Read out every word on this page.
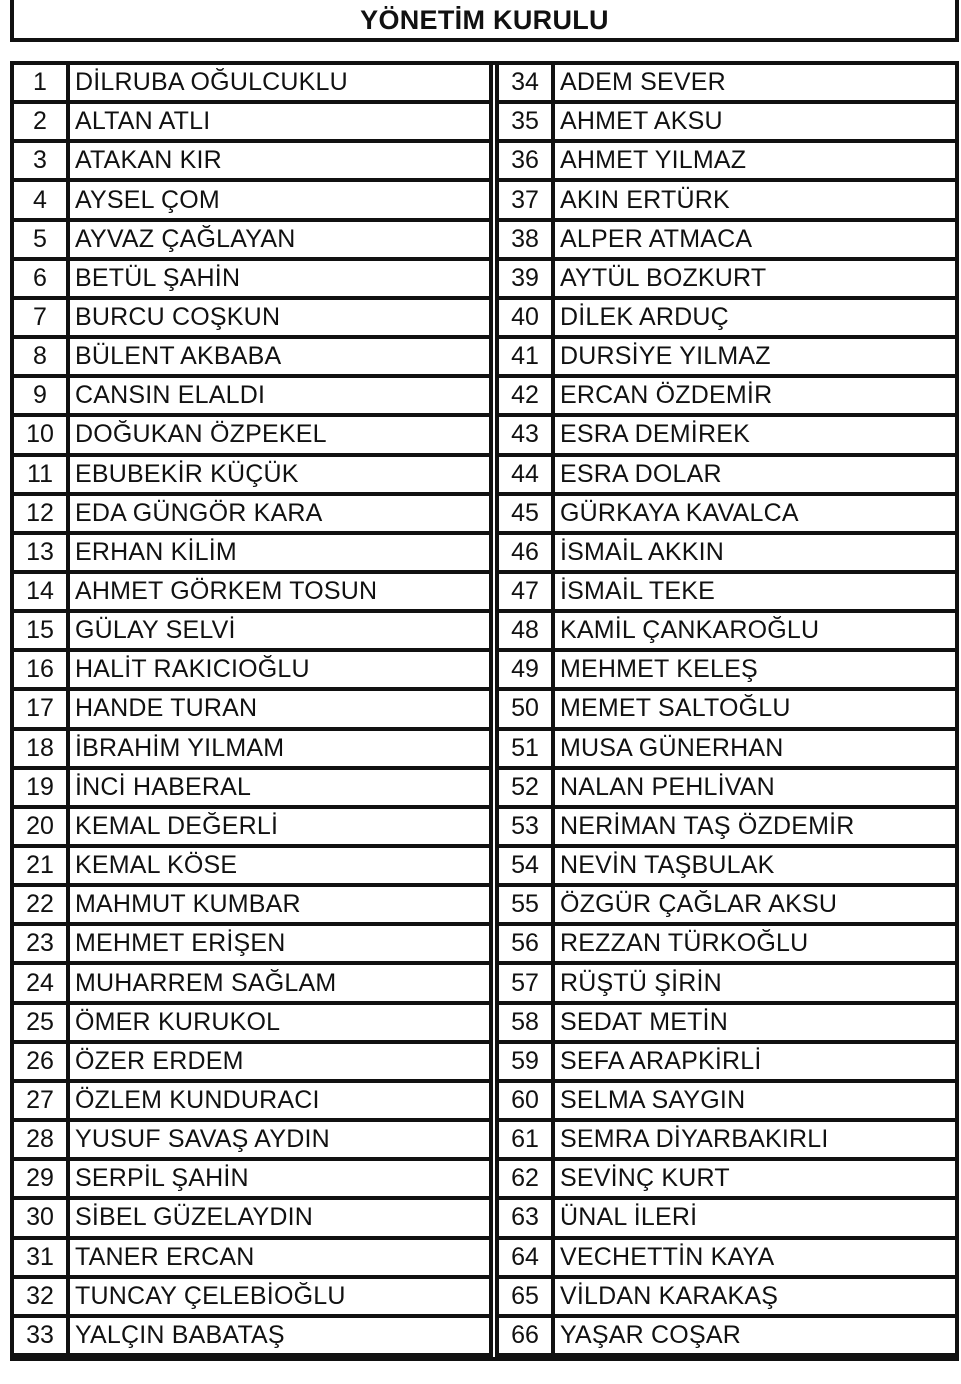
YÖNETİM KURULU
1	DİLRUBA OĞULCUKLU
2	ALTAN ATLI
3	ATAKAN KIR
4	AYSEL ÇOM
5	AYVAZ ÇAĞLAYAN
6	BETÜL ŞAHİN
7	BURCU COŞKUN
8	BÜLENT AKBABA
9	CANSIN ELALDI
10 DOĞUKAN ÖZPEKEL
11 EBUBEKİR KÜÇÜK
12 EDA GÜNGÖR KARA
13 ERHAN KİLİM
14 AHMET GÖRKEM TOSUN
15 GÜLAY SELVİ
16 HALİT RAKICIOĞLU
17 HANDE TURAN
18 İBRAHİM YILMAM
19 İNCİ HABERAL
20 KEMAL DEĞERLİ
21 KEMAL KÖSE
22 MAHMUT KUMBAR
23 MEHMET ERİŞEN
24 MUHARREM SAĞLAM
25 ÖMER KURUKOL
26 ÖZER ERDEM
27 ÖZLEM KUNDURACI
28 YUSUF SAVAŞ AYDIN
29 SERPİL ŞAHİN
30 SİBEL GÜZELAYDIN
31 TANER ERCAN
32 TUNCAY ÇELEBİOĞLU
33 YALÇIN BABATAŞ
34 ADEM SEVER
35 AHMET AKSU
36 AHMET YILMAZ
37 AKIN ERTÜRK
38 ALPER ATMACA
39 AYTÜL BOZKURT
40 DİLEK ARDUÇ
41 DURSİYE YILMAZ
42 ERCAN ÖZDEMİR
43 ESRA DEMİREK
44 ESRA DOLAR
45 GÜRKAYA KAVALCA
46 İSMAİL AKKIN
47 İSMAİL TEKE
48 KAMİL ÇANKAROĞLU
49 MEHMET KELEŞ
50 MEMET SALTOĞLU
51 MUSA GÜNERHAN
52 NALAN PEHLİVAN
53 NERİMAN TAŞ ÖZDEMİR
54 NEVİN TAŞBULAK
55 ÖZGÜR ÇAĞLAR AKSU
56 REZZAN TÜRKOĞLU
57 RÜŞTÜ ŞİRİN
58 SEDAT METİN
59 SEFA ARAPKİRLİ
60 SELMA SAYGIN
61 SEMRA DİYARBAKIRLI
62 SEVİNÇ KURT
63 ÜNAL İLERİ
64 VECHETTİN KAYA
65 VİLDAN KARAKAŞ
66 YAŞAR COŞAR
